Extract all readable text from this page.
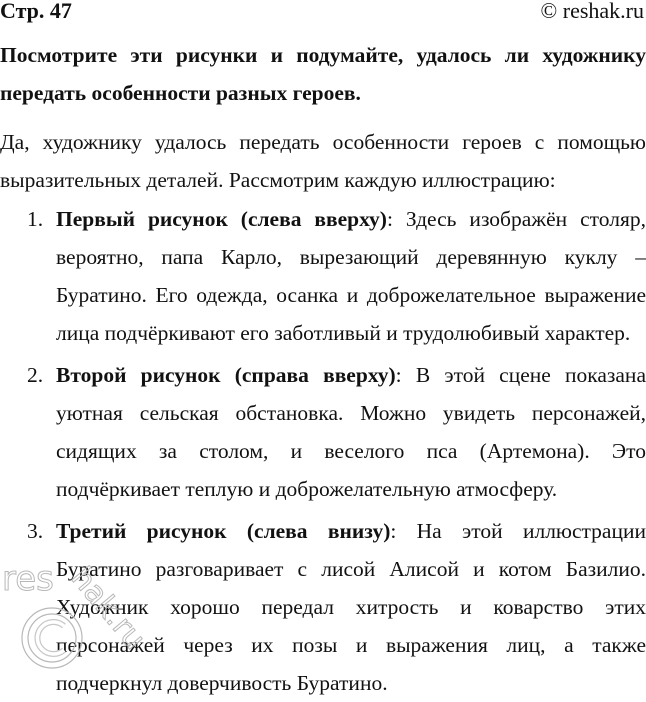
Стр. 47	© reshak.ru
Посмотрите эти рисунки и подумайте, удалось ли художнику передать особенности разных героев.
Да, художнику удалось передать особенности героев с помощью выразительных деталей. Рассмотрим каждую иллюстрацию:
1. Первый рисунок (слева вверху): Здесь изображён столяр, вероятно, папа Карло, вырезающий деревянную куклу – Буратино. Его одежда, осанка и доброжелательное выражение лица подчёркивают его заботливый и трудолюбивый характер.
2. Второй рисунок (справа вверху): В этой сцене показана уютная сельская обстановка. Можно увидеть персонажей, сидящих за столом, и веселого пса (Артемона). Это подчёркивает теплую и доброжелательную атмосферу.
3. Третий рисунок (слева внизу): На этой иллюстрации Буратино разговаривает с лисой Алисой и котом Базилио. Художник хорошо передал хитрость и коварство этих персонажей через их позы и выражения лиц, а также подчеркнул доверчивость Буратино.
res hak.ru
